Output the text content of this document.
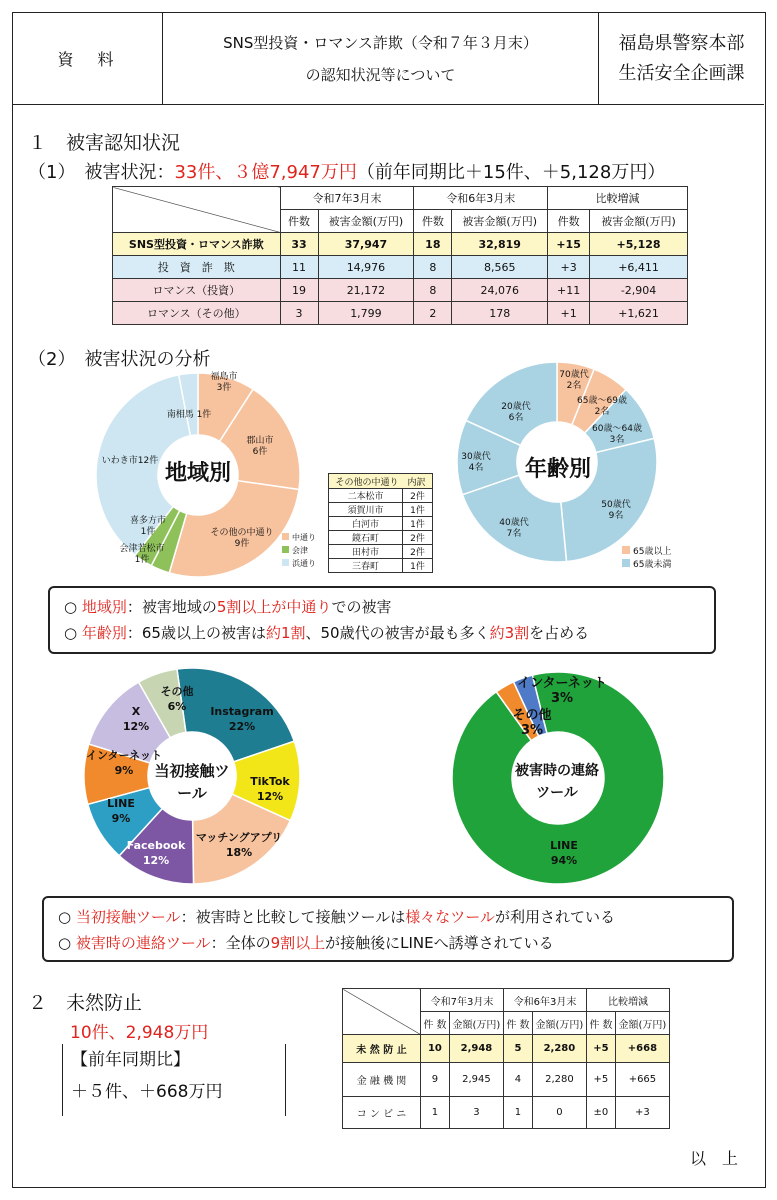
資　料
SNS型投資・ロマンス詐欺（令和７年３月末）
の認知状況等について
福島県警察本部
生活安全企画課
１　被害認知状況
（1）　被害状況：33件、３億7,947万円（前年同期比＋15件、＋5,128万円）
	令和7年3月末		令和6年3月末		比較増減	
	件数	被害金額(万円)	件数	被害金額(万円)	件数	被害金額(万円)
SNS型投資・ロマンス詐欺	33	37,947	18	32,819	+15	+5,128
投　資　詐　欺	11	14,976	8	8,565	+3	+6,411
ロマンス（投資）	19	21,172	8	24,076	+11	-2,904
ロマンス（その他）	3	1,799	2	178	+1	+1,621
（2）　被害状況の分析
地域別	年齢別
当初接触ツール
被害時の連絡ツール
福島市
3件
郡山市
6件
その他の中通り
9件
喜多方市
1件
会津若松市
1件
いわき市12件
南相馬 1件
中通り
会津
浜通り
その他の中通り　内訳	
二本松市	2件
須賀川市	1件
白河市	1件
鏡石町	2件
田村市	2件
三春町	1件
70歳代
2名
65歳～69歳
2名
60歳～64歳
3名
50歳代
9名
40歳代
7名
30歳代
4名
20歳代
6名
65歳以上
65歳未満
○ 地域別：被害地域の5割以上が中通りでの被害
○ 年齢別：65歳以上の被害は約1割、50歳代の被害が最も多く約3割を占める
Instagram
22%
TikTok
12%
マッチングアプリ
18%
Facebook
12%
LINE
9%
インターネット
9%
X
12%
その他
6%
LINE
94%
その他
3%
インターネット
3%
○ 当初接触ツール：被害時と比較して接触ツールは様々なツールが利用されている
○ 被害時の連絡ツール：全体の9割以上が接触後にLINEへ誘導されている
２　未然防止
10件、2,948万円
【前年同期比】
＋５件、＋668万円
	令和7年3月末		令和6年3月末		比較増減	
	件 数	金額(万円)	件 数	金額(万円)	件 数	金額(万円)
未 然 防 止	10	2,948	5	2,280	+5	+668
金 融 機 関	9	2,945	4	2,280	+5	+665
コ ン ビ ニ	1	3	1	0	±0	+3
以　上
